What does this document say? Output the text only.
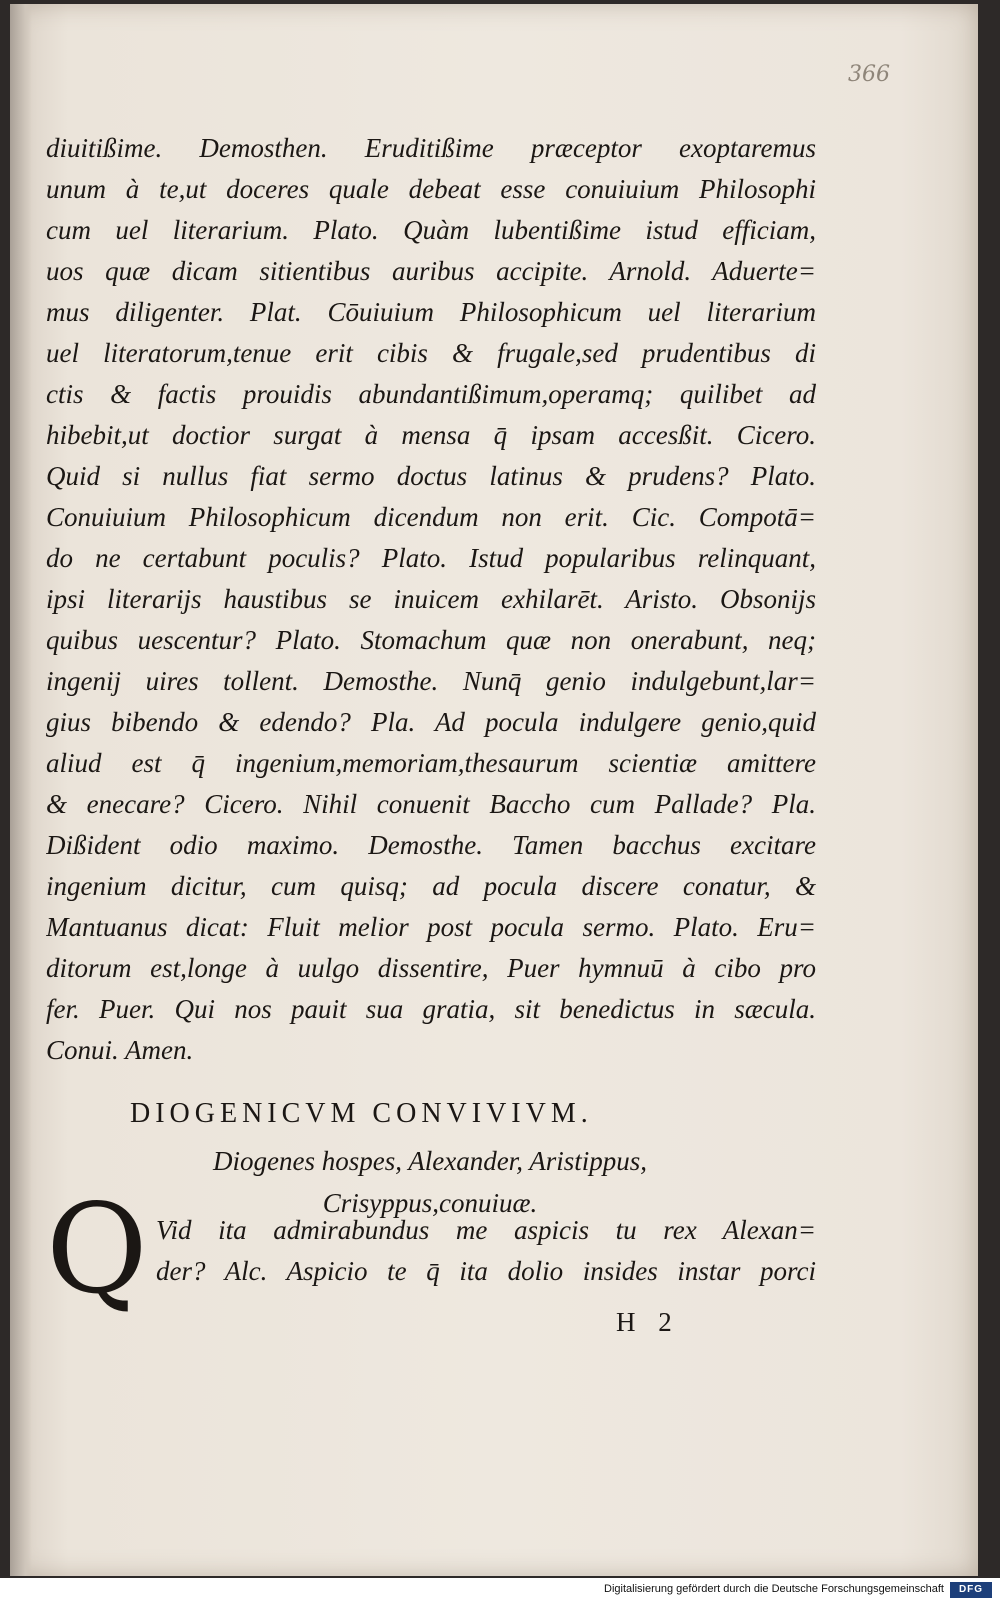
366
diuitißime. Demosthen. Eruditißime præceptor exoptaremus
unum à te,ut doceres quale debeat esse conuiuium Philosophi
cum uel literarium. Plato. Quàm lubentißime istud efficiam,
uos quæ dicam sitientibus auribus accipite. Arnold. Aduerte=
mus diligenter. Plat. Cōuiuium Philosophicum uel literarium
uel literatorum,tenue erit cibis & frugale,sed prudentibus di
ctis & factis prouidis abundantißimum,operamq; quilibet ad
hibebit,ut doctior surgat à mensa q̄ ipsam accesßit. Cicero.
Quid si nullus fiat sermo doctus latinus & prudens? Plato.
Conuiuium Philosophicum dicendum non erit. Cic. Compotā=
do ne certabunt poculis? Plato. Istud popularibus relinquant,
ipsi literarijs haustibus se inuicem exhilarēt. Aristo. Obsonijs
quibus uescentur? Plato. Stomachum quæ non onerabunt, neq;
ingenij uires tollent. Demosthe. Nunq̄ genio indulgebunt,lar=
gius bibendo & edendo? Pla. Ad pocula indulgere genio,quid
aliud est q̄ ingenium,memoriam,thesaurum scientiæ amittere
& enecare? Cicero. Nihil conuenit Baccho cum Pallade? Pla.
Dißident odio maximo. Demosthe. Tamen bacchus excitare
ingenium dicitur, cum quisq; ad pocula discere conatur, &
Mantuanus dicat: Fluit melior post pocula sermo. Plato. Eru=
ditorum est,longe à uulgo dissentire, Puer hymnuū à cibo pro
fer. Puer. Qui nos pauit sua gratia, sit benedictus in sæcula.
Conui. Amen.
DIOGENICVM CONVIVIVM.
Diogenes hospes, Alexander, Aristippus,
Crisyppus,conuiuæ.
Q Vid ita admirabundus me aspicis tu rex Alexan=
der? Alc. Aspicio te q̄ ita dolio insides instar porci
H 2
Digitalisierung gefördert durch die Deutsche Forschungsgemeinschaft	DFG
